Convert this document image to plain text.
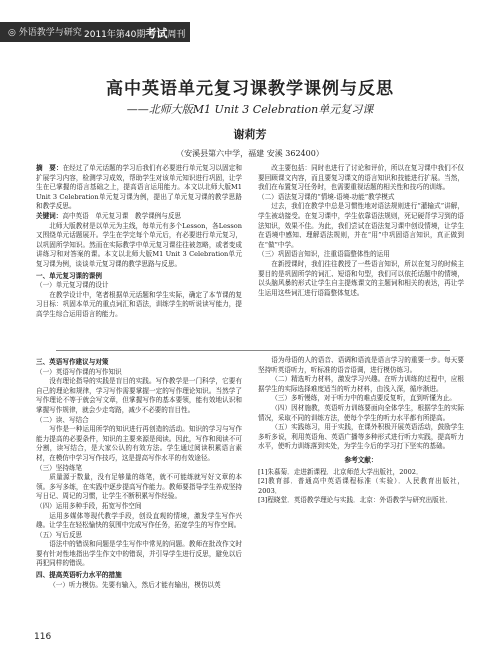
◎ 外语教学与研究 2011年第40期考试周刊
高中英语单元复习课教学课例与反思
——北师大版M1 Unit 3 Celebration单元复习课
谢莉芳
（安溪县第六中学，福建 安溪 362400）

摘　要：在经过了单元话题的学习后我们有必要进行单元复习以固定和扩展学习内容，检测学习成效，帮助学生对该单元知识进行巩固，让学生在已掌握的语言基础之上，提高语言运用能力。本文以北师大版M1 Unit 3 Celebration单元复习课为例，提出了单元复习课的教学思路和教学反思。

关键词：高中英语　单元复习课　教学课例与反思

北师大版教材是以单元为主线，每单元有多个Lesson，各Lesson又围绕单元话题展开。学生在学完每个单元后，有必要进行单元复习，以巩固所学知识。然而在实际教学中单元复习课往往被忽略，或者变成讲练习和对答案的课。本文以北师大版M1 Unit 3 Celebration单元复习课为例，谈谈单元复习课的教学思路与反思。

一、单元复习课的课例

（一）单元复习课的设计

在教学设计中，笔者根据单元话题和学生实际，确定了本节课的复习目标：巩固本单元的重点词汇和语法，训练学生的听说读写能力，提高学生综合运用语言的能力。

改主要包括：同时也进行了讨论和评价，所以在复习课中我们不仅要回顾课文内容，而且要复习课文的语言知识和技能进行扩展。当然，我们在布置复习任务时，也需要重视话题的相关性和技巧的训练。

（二）语法复习课的“情境-语境-功能”教学模式

过去，我们在教学中总是习惯性地对语法规则进行“灌输式”讲解，学生被动接受。在复习课中，学生依靠语法规则，死记硬背学习到的语法知识，效果不佳。为此，我们尝试在语法复习课中创设情境，让学生在语境中感知、理解语法规则，并在“用”中巩固语言知识，真正做到在“做”中学。

（三）巩固语言知识，注重语篇整体性的运用

在新授课时，我们往往教授了一些语言知识，所以在复习的时候主要目的是巩固所学的词汇、短语和句型，我们可以依托话题中的情境，以头脑风暴的形式让学生自主提炼课文的主题词和相关的表达，再让学生运用这些词汇进行语篇整体复述。

三、英语写作建议与对策

（一）英语写作课的写作知识

没有理论指导的实践是盲目的实践。写作教学是一门科学，它要有自己的理论和规律，学习写作需要掌握一定的写作理论知识。当然学了写作理论不等于就会写文章，但掌握写作的基本要领，能有效地认识和掌握写作规律，就会少走弯路，减少不必要的盲目性。

（二）读、写结合

写作是一种运用所学的知识进行再创造的活动。知识的学习与写作能力提高的必要条件，知识的主要来源是阅读。因此，写作和阅读不可分割，读写结合，是大家公认的有效方法。学生通过阅读积累语言素材，在模仿中学习写作技巧，这是提高写作水平的有效途径。

（三）坚持练笔

质量源于数量，没有足够量的练笔，就不可能练就写好文章的本领。多写多练，在实践中逐步提高写作能力。教师要指导学生养成坚持写日记、周记的习惯，让学生不断积累写作经验。

（四）运用多种手段，拓宽写作空间

运用多媒体等现代教学手段，创设直观的情境，激发学生写作兴趣。让学生在轻松愉快的氛围中完成写作任务，拓宽学生的写作空间。

（五）写后反思

语法中的错误和问题是学生写作中常见的问题。教师在批改作文时要有针对性地指出学生作文中的错误，并引导学生进行反思，避免以后再犯同样的错误。

四、提高英语听力水平的措施

（一）听力模仿。先要有输入，然后才能有输出，模仿以英

语为母语的人的语音、语调和语流是语言学习的重要一步。每天要坚持听英语听力，听标准的语音语调，进行模仿练习。

（二）精选听力材料，激发学习兴趣。在听力训练的过程中，应根据学生的实际选择难度适当的听力材料，由浅入深，循序渐进。

（三）多听慢练，对于听力中的难点要反复听，直到听懂为止。

（四）因材施教，英语听力训练要面向全体学生，根据学生的实际情况，采取不同的训练方法，使每个学生的听力水平都有所提高。

（五）实践练习，用于实践，在课外积极开展英语活动，鼓励学生多听多说，利用英语角、英语广播等多种形式进行听力实践，提高听力水平，使听力训练落到实处，为学生今后的学习打下坚实的基础。

参考文献：

[1]朱慕菊．走进新课程．北京师范大学出版社，2002．

[2]教育部．普通高中英语课程标准（实验）．人民教育出版社，2003．

[3]程晓堂．英语教学理论与实践．北京：外语教学与研究出版社．

116
